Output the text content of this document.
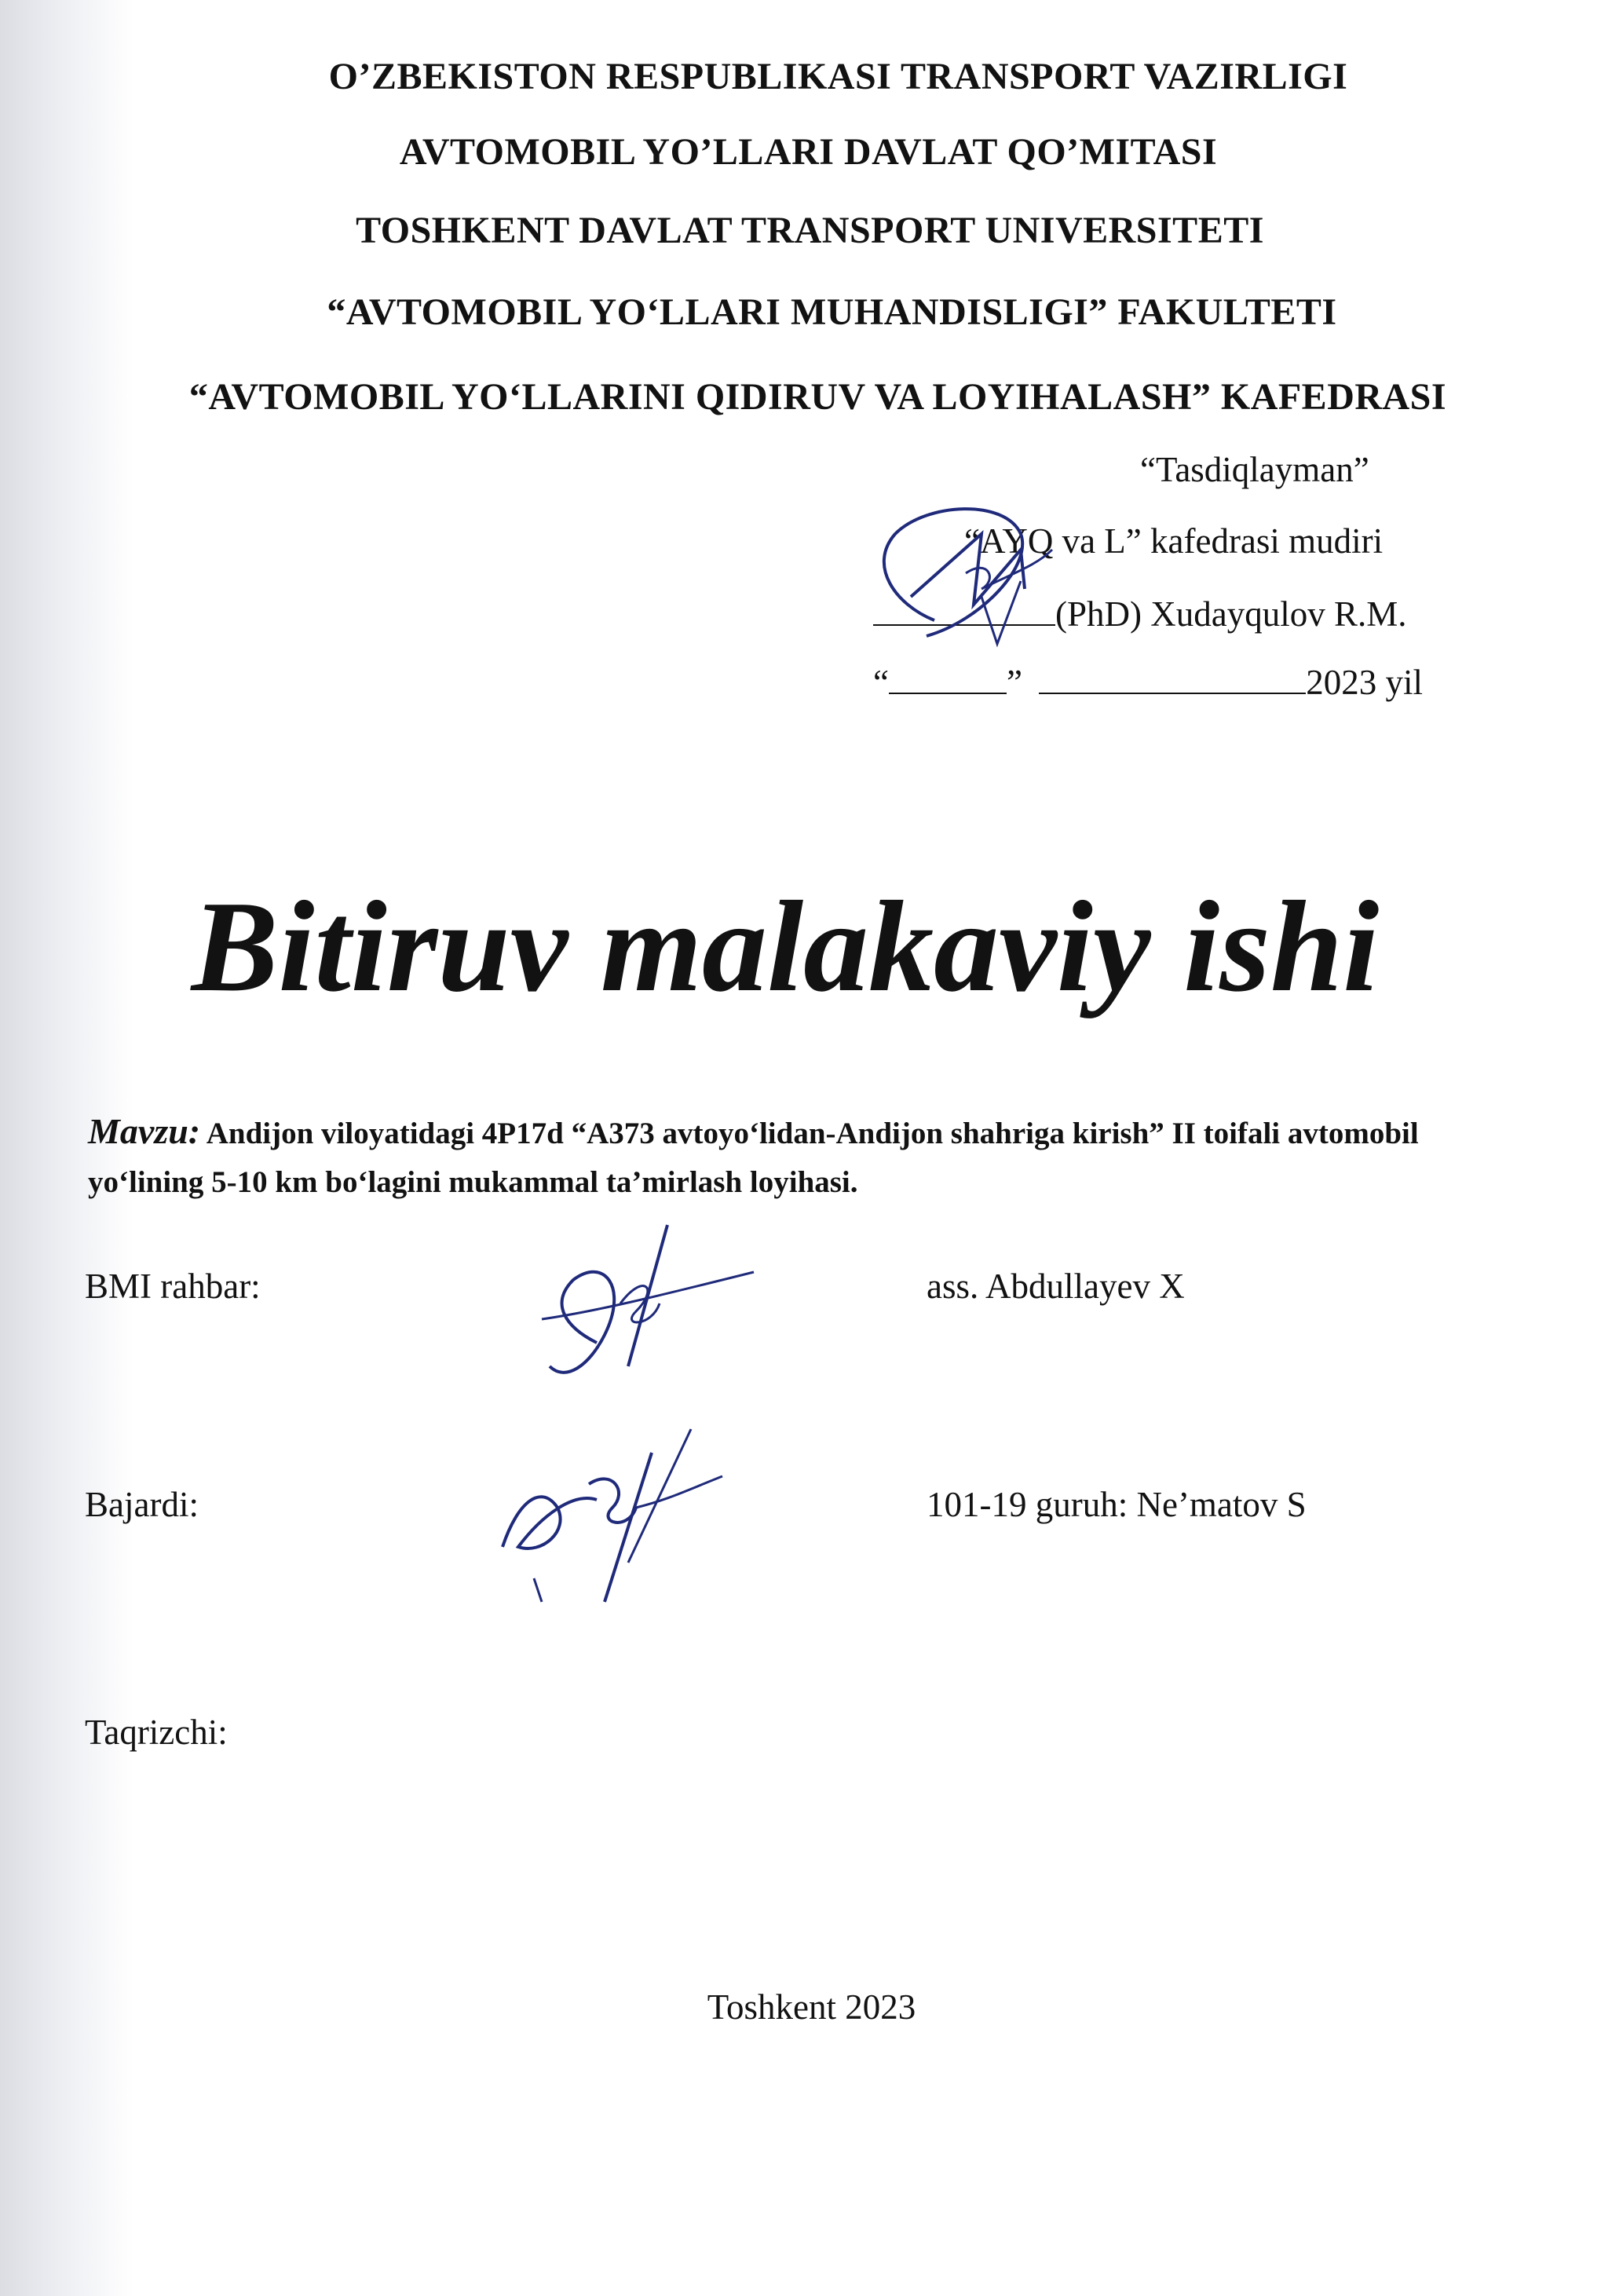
O’ZBEKISTON RESPUBLIKASI TRANSPORT VAZIRLIGI
AVTOMOBIL YO’LLARI DAVLAT QO’MITASI
TOSHKENT DAVLAT TRANSPORT UNIVERSITETI
“AVTOMOBIL YO‘LLARI MUHANDISLIGI” FAKULTETI
“AVTOMOBIL YO‘LLARINI QIDIRUV VA LOYIHALASH” KAFEDRASI
“Tasdiqlayman”
“AYQ va L” kafedrasi mudiri
(PhD) Xudayqulov R.M.
“	”	2023 yil
Bitiruv malakaviy ishi
Mavzu: Andijon viloyatidagi 4P17d “A373 avtoyo‘lidan-Andijon shahriga kirish” II toifali avtomobil yo‘lining 5-10 km bo‘lagini mukammal ta’mirlash loyihasi.
BMI rahbar:	ass. Abdullayev X
Bajardi:	101-19 guruh: Ne’matov S
Taqrizchi:
Toshkent 2023
